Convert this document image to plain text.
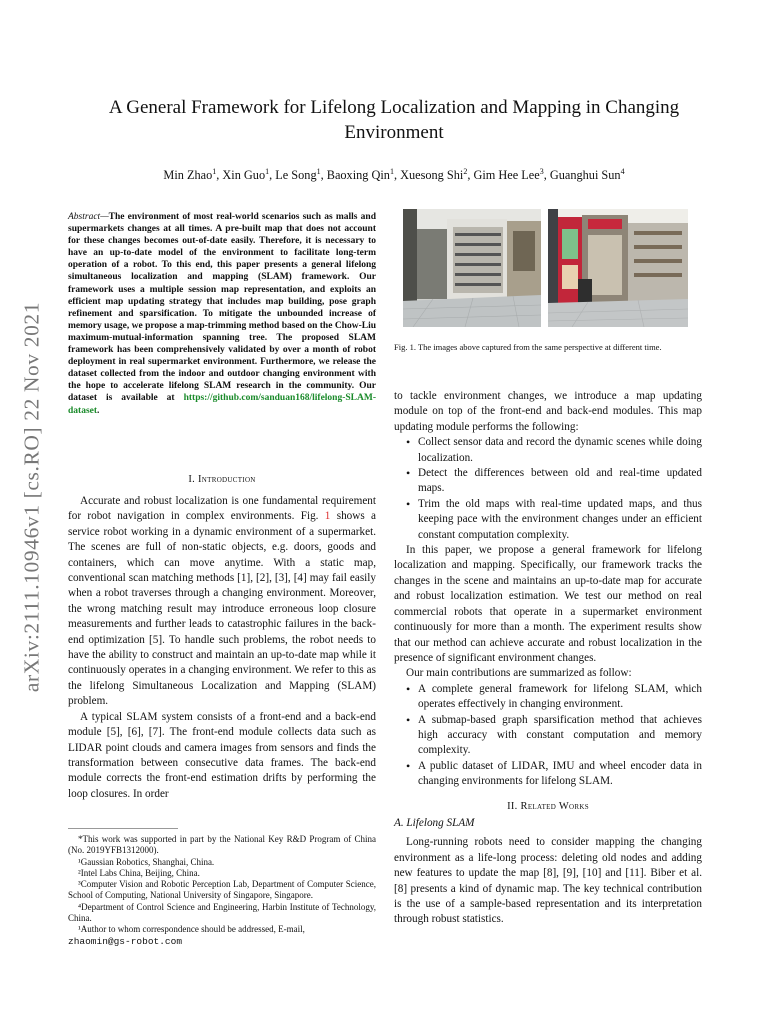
arXiv:2111.10946v1 [cs.RO] 22 Nov 2021
A General Framework for Lifelong Localization and Mapping in Changing Environment
Min Zhao$^1$, Xin Guo$^1$, Le Song$^1$, Baoxing Qin$^1$, Xuesong Shi$^2$, Gim Hee Lee$^3$, Guanghui Sun$^4$
Abstract—The environment of most real-world scenarios such as malls and supermarkets changes at all times. A pre-built map that does not account for these changes becomes out-of-date easily. Therefore, it is necessary to have an up-to-date model of the environment to facilitate long-term operation of a robot. To this end, this paper presents a general lifelong simultaneous localization and mapping (SLAM) framework. Our framework uses a multiple session map representation, and exploits an efficient map updating strategy that includes map building, pose graph refinement and sparsification. To mitigate the unbounded increase of memory usage, we propose a map-trimming method based on the Chow-Liu maximum-mutual-information spanning tree. The proposed SLAM framework has been comprehensively validated by over a month of robot deployment in real supermarket environment. Furthermore, we release the dataset collected from the indoor and outdoor changing environment with the hope to accelerate lifelong SLAM research in the community. Our dataset is available at https://github.com/sanduan168/lifelong-SLAM-dataset.
I. Introduction

Accurate and robust localization is one fundamental requirement for robot navigation in complex environments. Fig. 1 shows a service robot working in a dynamic environment of a supermarket. The scenes are full of non-static objects, e.g. doors, goods and containers, which can move anytime. With a static map, conventional scan matching methods [1], [2], [3], [4] may fail easily when a robot traverses through a changing environment. Moreover, the wrong matching result may introduce erroneous loop closure measurements and further leads to catastrophic failures in the back-end optimization [5]. To handle such problems, the robot needs to have the ability to construct and maintain an up-to-date map while it continuously operates in a changing environment. We refer to this as the lifelong Simultaneous Localization and Mapping (SLAM) problem.

A typical SLAM system consists of a front-end and a back-end module [5], [6], [7]. The front-end module collects data such as LIDAR point clouds and camera images from sensors and finds the transformation between consecutive data frames. The back-end module corrects the front-end estimation drifts by performing the loop closures. In order

*This work was supported in part by the National Key R&D Program of China (No. 2019YFB1312000).

¹Gaussian Robotics, Shanghai, China.

²Intel Labs China, Beijing, China.

³Computer Vision and Robotic Perception Lab, Department of Computer Science, School of Computing, National University of Singapore, Singapore.

⁴Department of Control Science and Engineering, Harbin Institute of Technology, China.

¹Author to whom correspondence should be addressed, E-mail,

zhaomin@gs-robot.com
Fig. 1. The images above captured from the same perspective at different time.

to tackle environment changes, we introduce a map updating module on top of the front-end and back-end modules. This map updating module performs the following:

• Collect sensor data and record the dynamic scenes while doing localization.
• Detect the differences between old and real-time updated maps.
• Trim the old maps with real-time updated maps, and thus keeping pace with the environment changes under an efficient constant computation complexity.

In this paper, we propose a general framework for lifelong localization and mapping. Specifically, our framework tracks the changes in the scene and maintains an up-to-date map for accurate and robust localization estimation. We test our method on real commercial robots that operate in a supermarket environment continuously for more than a month. The experiment results show that our method can achieve accurate and robust localization in the presence of significant environment changes.

Our main contributions are summarized as follow:

• A complete general framework for lifelong SLAM, which operates effectively in changing environment.
• A submap-based graph sparsification method that achieves high accuracy with constant computation and memory complexity.
• A public dataset of LIDAR, IMU and wheel encoder data in changing environments for lifelong SLAM.
II. Related Works
A. Lifelong SLAM

Long-running robots need to consider mapping the changing environment as a life-long process: deleting old nodes and adding new features to update the map [8], [9], [10] and [11]. Biber et al. [8] presents a kind of dynamic map. The key technical contribution is the use of a sample-based representation and its interpretation through robust statistics.
